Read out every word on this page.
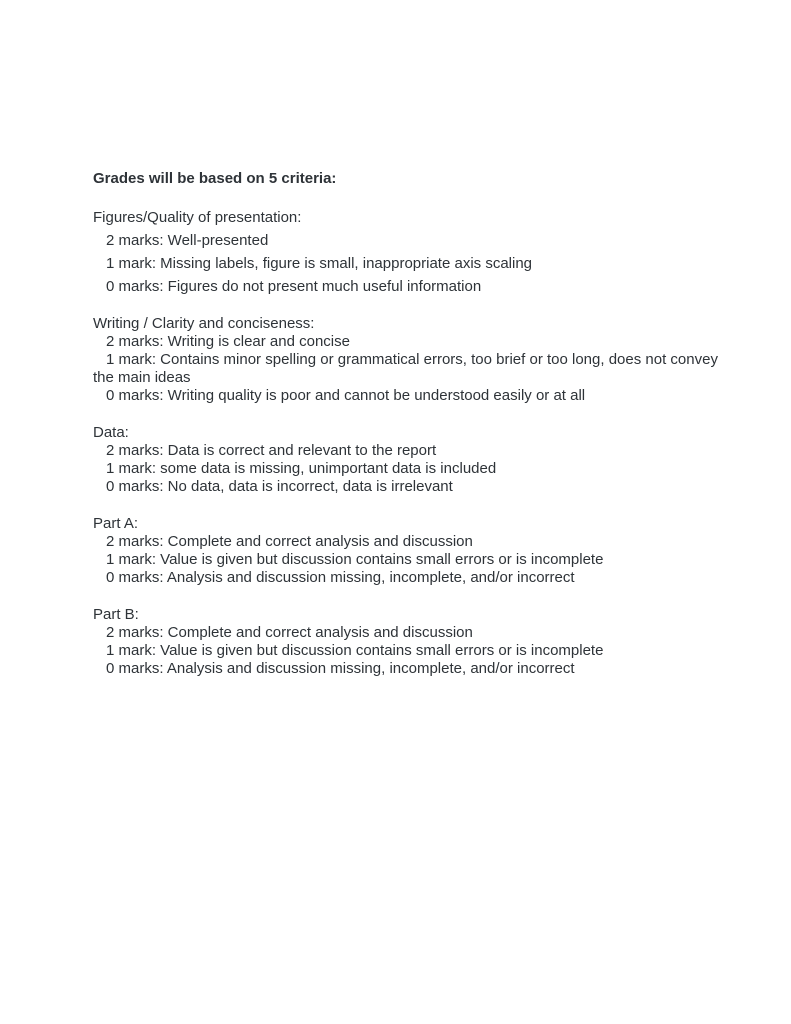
Grades will be based on 5 criteria:

Figures/Quality of presentation:

2 marks: Well-presented

1 mark: Missing labels, figure is small, inappropriate axis scaling

0 marks: Figures do not present much useful information

Writing / Clarity and conciseness:

2 marks: Writing is clear and concise

1 mark: Contains minor spelling or grammatical errors, too brief or too long, does not convey the main ideas

0 marks: Writing quality is poor and cannot be understood easily or at all

Data:

2 marks: Data is correct and relevant to the report

1 mark: some data is missing, unimportant data is included

0 marks: No data, data is incorrect, data is irrelevant

Part A:

2 marks: Complete and correct analysis and discussion

1 mark: Value is given but discussion contains small errors or is incomplete

0 marks: Analysis and discussion missing, incomplete, and/or incorrect

Part B:

2 marks: Complete and correct analysis and discussion

1 mark: Value is given but discussion contains small errors or is incomplete

0 marks: Analysis and discussion missing, incomplete, and/or incorrect
